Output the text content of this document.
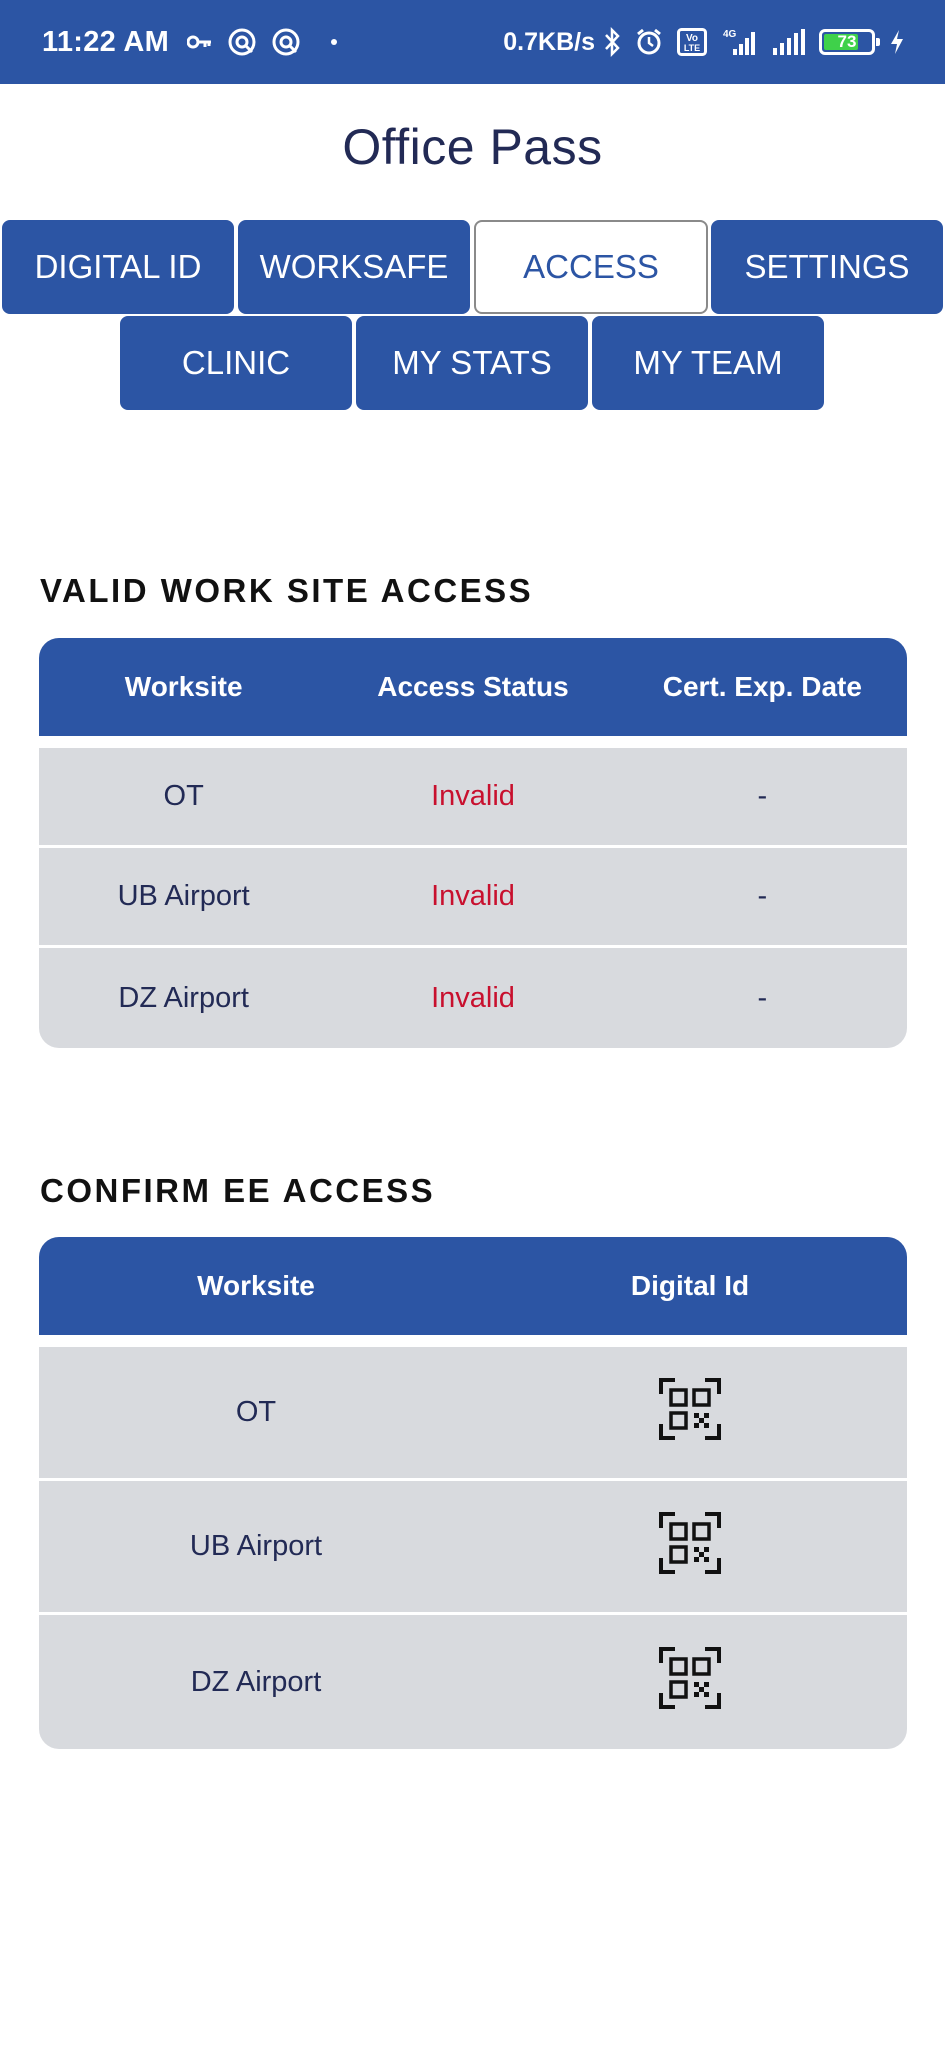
11:22 AM	0.7KB/s	Vo
LTE
4G	73
Office Pass
DIGITAL ID WORKSAFE ACCESS	SETTINGS
CLINIC	MY STATS MY TEAM
VALID WORK SITE ACCESS
Worksite	Access Status	Cert. Exp. Date
OT	Invalid	-
UB Airport	Invalid	-
DZ Airport	Invalid	-
CONFIRM EE ACCESS
Worksite	Digital Id
OT
UB Airport
DZ Airport
